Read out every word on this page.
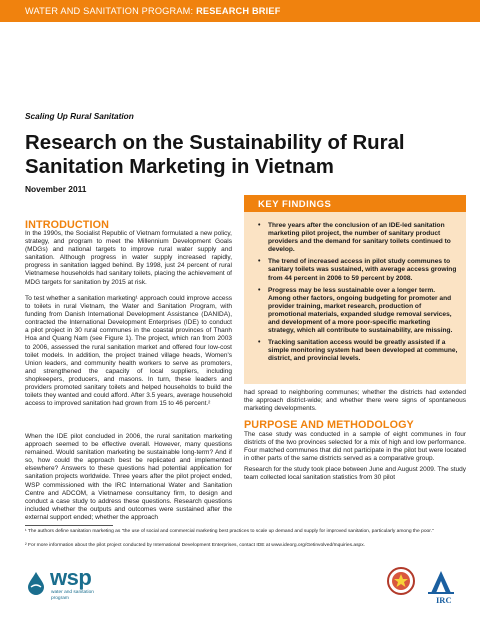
WATER AND SANITATION PROGRAM: RESEARCH BRIEF
Scaling Up Rural Sanitation
Research on the Sustainability of Rural Sanitation Marketing in Vietnam
November 2011
INTRODUCTION

In the 1990s, the Socialist Republic of Vietnam formulated a new policy, strategy, and program to meet the Millennium Development Goals (MDGs) and national targets to improve rural water supply and sanitation. Although progress in water supply increased rapidly, progress in sanitation lagged behind. By 1998, just 24 percent of rural Vietnamese households had sanitary toilets, placing the achievement of MDG targets for sanitation by 2015 at risk.

To test whether a sanitation marketing¹ approach could improve access to toilets in rural Vietnam, the Water and Sanitation Program, with funding from Danish International Development Assistance (DANIDA), contracted the International Development Enterprises (IDE) to conduct a pilot project in 30 rural communes in the coastal provinces of Thanh Hoa and Quang Nam (see Figure 1). The project, which ran from 2003 to 2006, assessed the rural sanitation market and offered four low-cost toilet models. In addition, the project trained village heads, Women's Union leaders, and community health workers to serve as promoters, and strengthened the capacity of local suppliers, including shopkeepers, producers, and masons. In turn, these leaders and providers promoted sanitary toilets and helped households to build the toilets they wanted and could afford. After 3.5 years, average household access to improved sanitation had grown from 15 to 46 percent.²

When the IDE pilot concluded in 2006, the rural sanitation marketing approach seemed to be effective overall. However, many questions remained. Would sanitation marketing be sustainable long-term? And if so, how could the approach best be replicated and implemented elsewhere? Answers to these questions had potential application for sanitation projects worldwide. Three years after the pilot project ended, WSP commissioned with the IRC International Water and Sanitation Centre and ADCOM, a Vietnamese consultancy firm, to design and conduct a case study to address these questions. Research questions included whether the outputs and outcomes were sustained after the external support ended; whether the approach

KEY FINDINGS
• Three years after the conclusion of an IDE-led sanitation marketing pilot project, the number of sanitary product providers and the demand for sanitary toilets continued to develop.
• The trend of increased access in pilot study communes to sanitary toilets was sustained, with average access growing from 44 percent in 2006 to 59 percent by 2008.
• Progress may be less sustainable over a longer term. Among other factors, ongoing budgeting for promoter and provider training, market research, production of promotional materials, expanded sludge removal services, and development of a more poor-specific marketing strategy, which all contribute to sustainability, are missing.
• Tracking sanitation access would be greatly assisted if a simple monitoring system had been developed at commune, district, and provincial levels.

had spread to neighboring communes; whether the districts had extended the approach district-wide; and whether there were signs of spontaneous marketing developments.

PURPOSE AND METHODOLOGY

The case study was conducted in a sample of eight communes in four districts of the two provinces selected for a mix of high and low performance. Four matched communes that did not participate in the pilot but were located in other parts of the same districts served as a comparative group.

Research for the study took place between June and August 2009. The study team collected local sanitation statistics from 30 pilot

¹ The authors define sanitation marketing as "the use of social and commercial marketing best practices to scale up demand and supply for improved sanitation, particularly among the poor."

² For more information about the pilot project conducted by International Development Enterprises, contact IDE at www.ideorg.org/Getinvolved/Inquiries.aspx.

wsp
water and sanitation program	IRC
